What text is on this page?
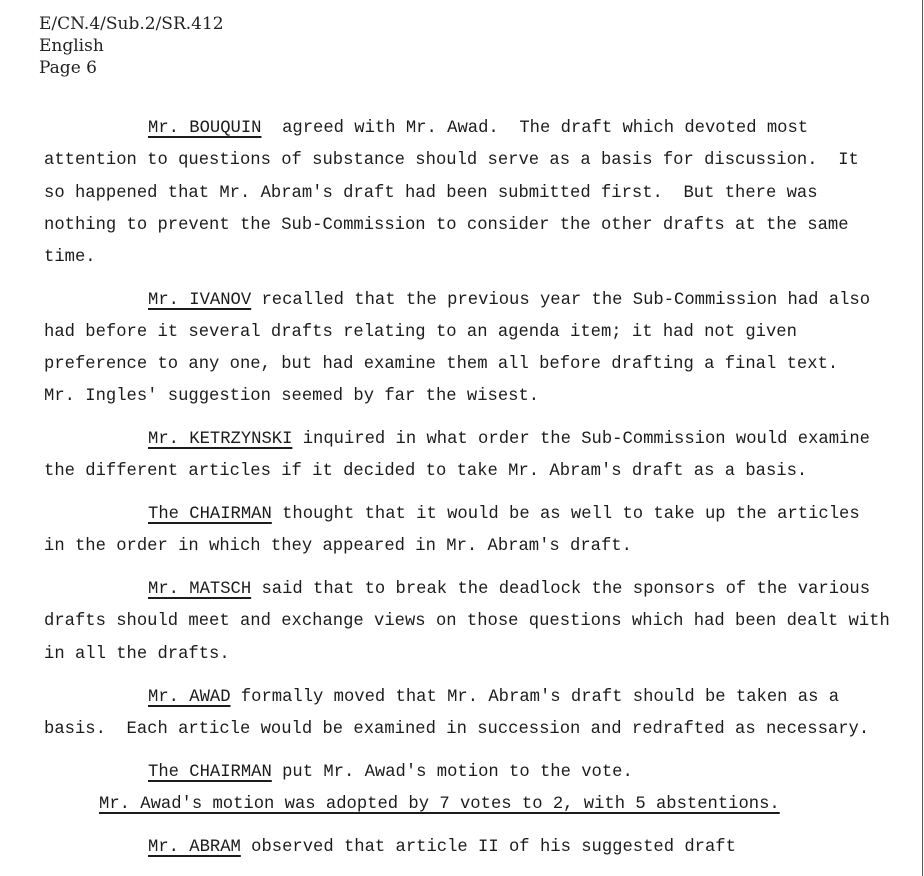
E/CN.4/Sub.2/SR.412
English
Page 6
Mr. BOUQUIN  agreed with Mr. Awad.  The draft which devoted most
attention to questions of substance should serve as a basis for discussion.  It
so happened that Mr. Abram's draft had been submitted first.  But there was
nothing to prevent the Sub-Commission to consider the other drafts at the same
time.
Mr. IVANOV recalled that the previous year the Sub-Commission had also
had before it several drafts relating to an agenda item; it had not given
preference to any one, but had examine them all before drafting a final text.
Mr. Ingles' suggestion seemed by far the wisest.
Mr. KETRZYNSKI inquired in what order the Sub-Commission would examine
the different articles if it decided to take Mr. Abram's draft as a basis.
The CHAIRMAN thought that it would be as well to take up the articles
in the order in which they appeared in Mr. Abram's draft.
Mr. MATSCH said that to break the deadlock the sponsors of the various
drafts should meet and exchange views on those questions which had been dealt with
in all the drafts.
Mr. AWAD formally moved that Mr. Abram's draft should be taken as a
basis.  Each article would be examined in succession and redrafted as necessary.
The CHAIRMAN put Mr. Awad's motion to the vote.
Mr. Awad's motion was adopted by 7 votes to 2, with 5 abstentions.
Mr. ABRAM observed that article II of his suggested draft
